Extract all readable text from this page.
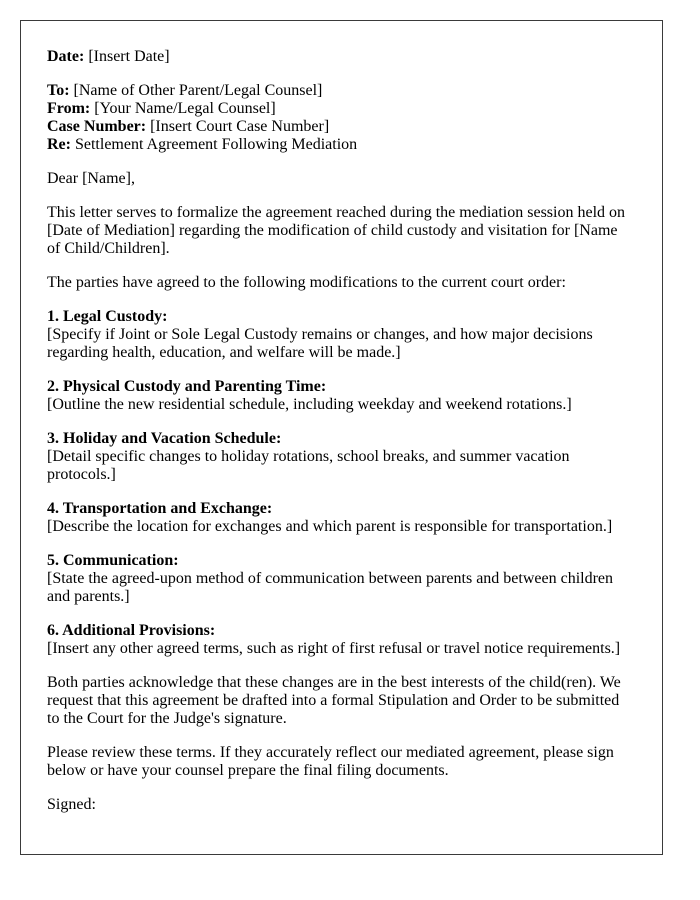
Date: [Insert Date]

To: [Name of Other Parent/Legal Counsel]

From: [Your Name/Legal Counsel]

Case Number: [Insert Court Case Number]

Re: Settlement Agreement Following Mediation

Dear [Name],

This letter serves to formalize the agreement reached during the mediation session held on [Date of Mediation] regarding the modification of child custody and visitation for [Name of Child/Children].

The parties have agreed to the following modifications to the current court order:

1. Legal Custody:

[Specify if Joint or Sole Legal Custody remains or changes, and how major decisions regarding health, education, and welfare will be made.]

2. Physical Custody and Parenting Time:

[Outline the new residential schedule, including weekday and weekend rotations.]

3. Holiday and Vacation Schedule:

[Detail specific changes to holiday rotations, school breaks, and summer vacation protocols.]

4. Transportation and Exchange:

[Describe the location for exchanges and which parent is responsible for transportation.]

5. Communication:

[State the agreed-upon method of communication between parents and between children and parents.]

6. Additional Provisions:

[Insert any other agreed terms, such as right of first refusal or travel notice requirements.]

Both parties acknowledge that these changes are in the best interests of the child(ren). We request that this agreement be drafted into a formal Stipulation and Order to be submitted to the Court for the Judge's signature.

Please review these terms. If they accurately reflect our mediated agreement, please sign below or have your counsel prepare the final filing documents.

Signed:
